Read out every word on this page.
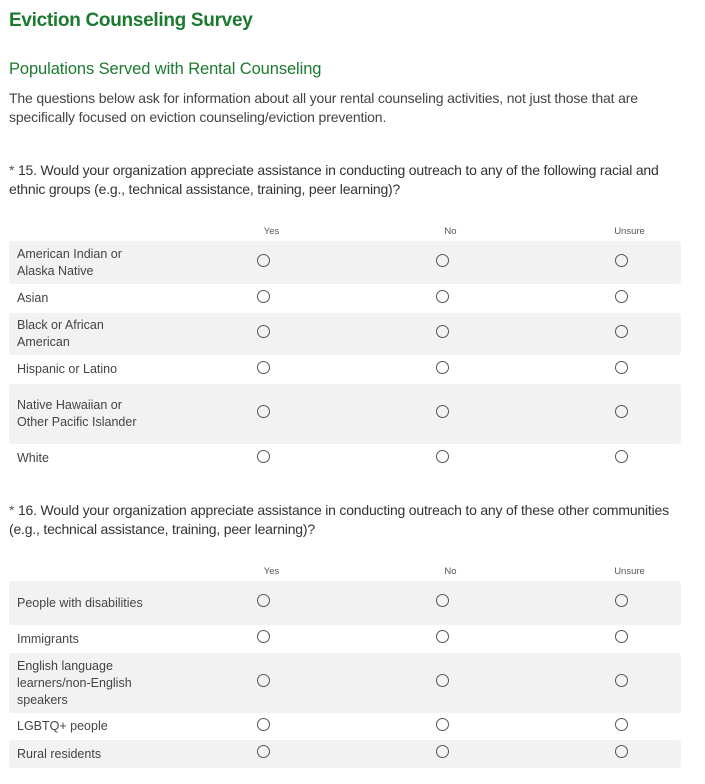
Eviction Counseling Survey
Populations Served with Rental Counseling

The questions below ask for information about all your rental counseling activities, not just those that are specifically focused on eviction counseling/eviction prevention.

* 15. Would your organization appreciate assistance in conducting outreach to any of the following racial and ethnic groups (e.g., technical assistance, training, peer learning)?

Yes	No	Unsure
American Indian or Alaska Native
Asian
Black or African American
Hispanic or Latino
Native Hawaiian or Other Pacific Islander
White

* 16. Would your organization appreciate assistance in conducting outreach to any of these other communities (e.g., technical assistance, training, peer learning)?

Yes	No	Unsure
People with disabilities
Immigrants
English language learners/non-English speakers
LGBTQ+ people
Rural residents
